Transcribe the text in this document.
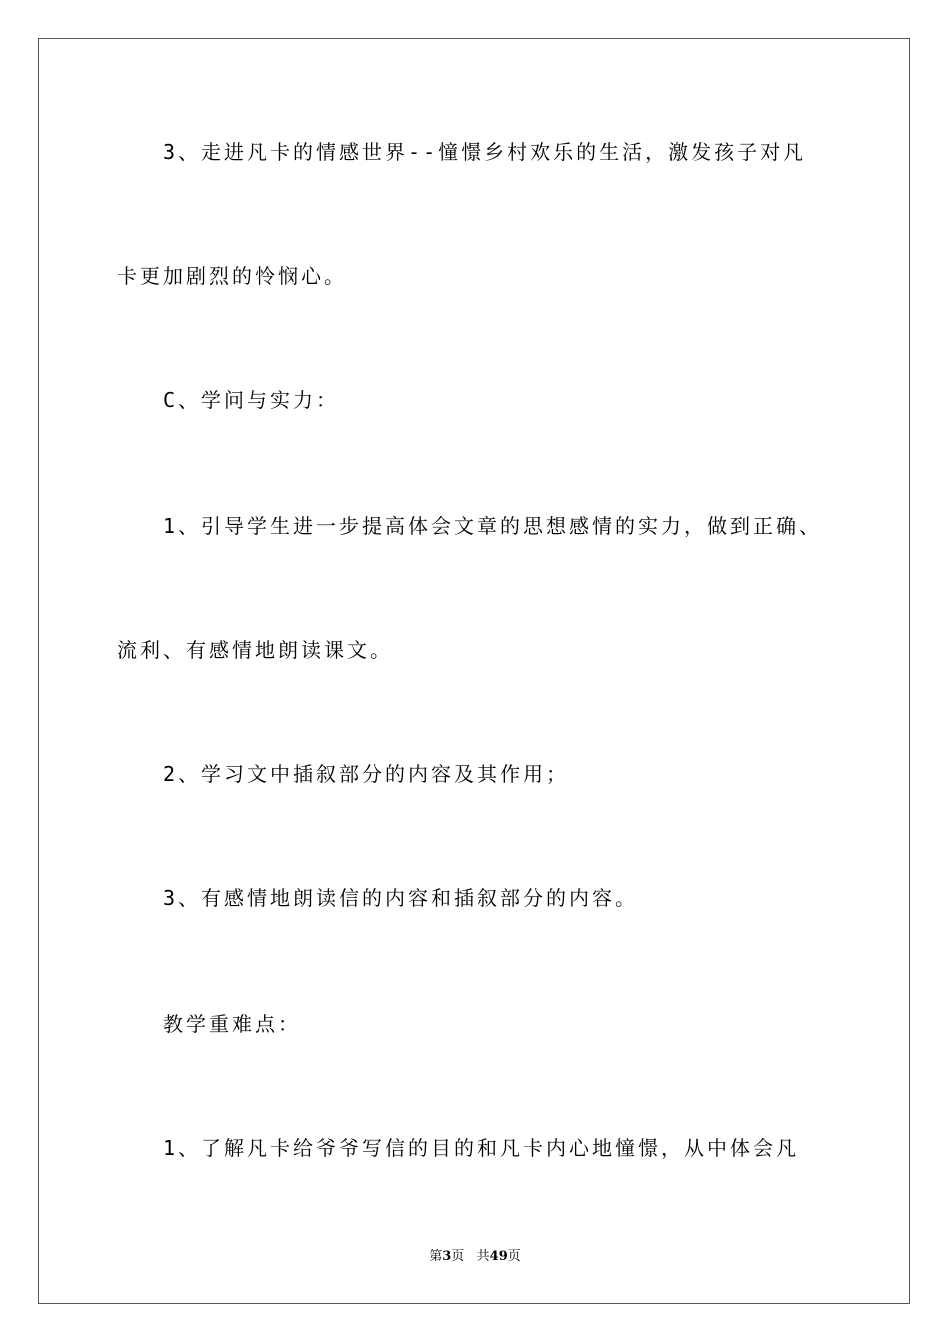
3、走进凡卡的情感世界--憧憬乡村欢乐的生活，激发孩子对凡
卡更加剧烈的怜悯心。
C、学问与实力：
1、引导学生进一步提高体会文章的思想感情的实力，做到正确、
流利、有感情地朗读课文。
2、学习文中插叙部分的内容及其作用；
3、有感情地朗读信的内容和插叙部分的内容。
教学重难点：
1、了解凡卡给爷爷写信的目的和凡卡内心地憧憬，从中体会凡
第3页   共49页
